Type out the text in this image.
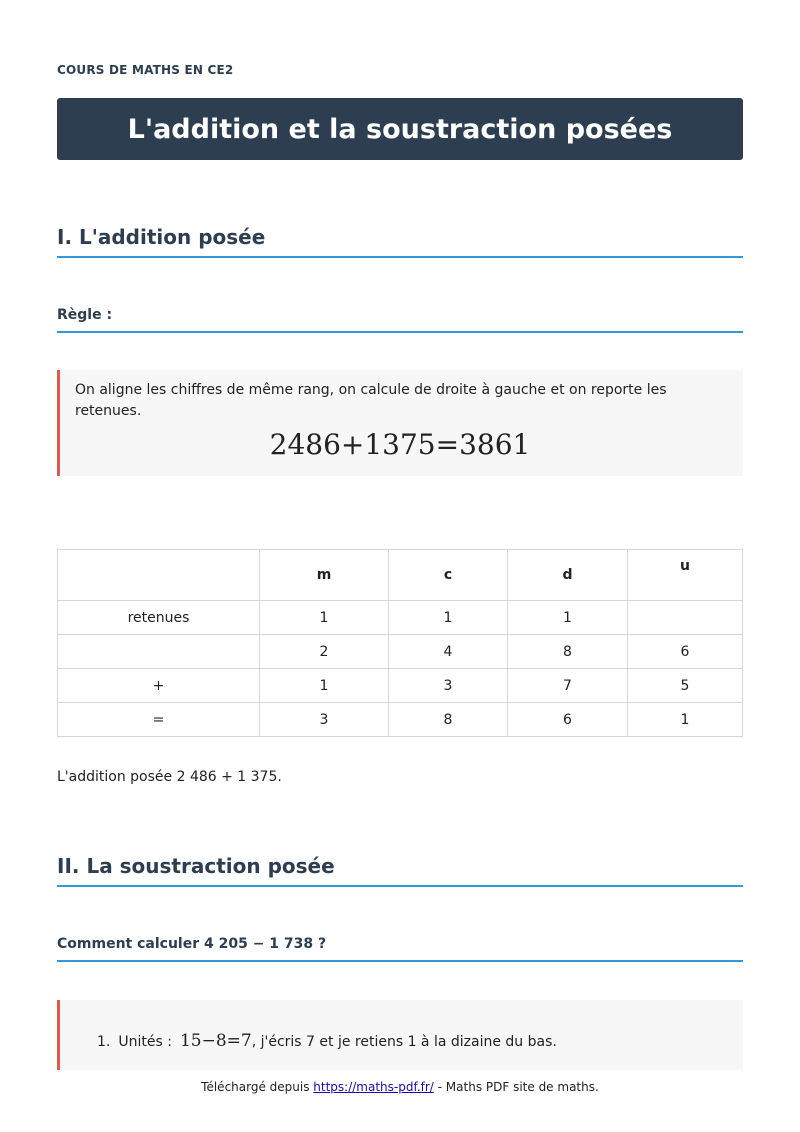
COURS DE MATHS EN CE2
L'addition et la soustraction posées
I. L'addition posée
Règle :

On aligne les chiffres de même rang, on calcule de droite à gauche et on reporte les retenues.

2486+1375=3861
	m	c	d	u
retenues	1	1	1	
	2	4	8	6
+	1	3	7	5
=	3	8	6	1
L'addition posée 2 486 + 1 375.
II. La soustraction posée
Comment calculer 4 205 − 1 738 ?
1. Unités : 15−8=7 , j'écris 7 et je retiens 1 à la dizaine du bas.
Téléchargé depuis https://maths-pdf.fr/ - Maths PDF site de maths.
